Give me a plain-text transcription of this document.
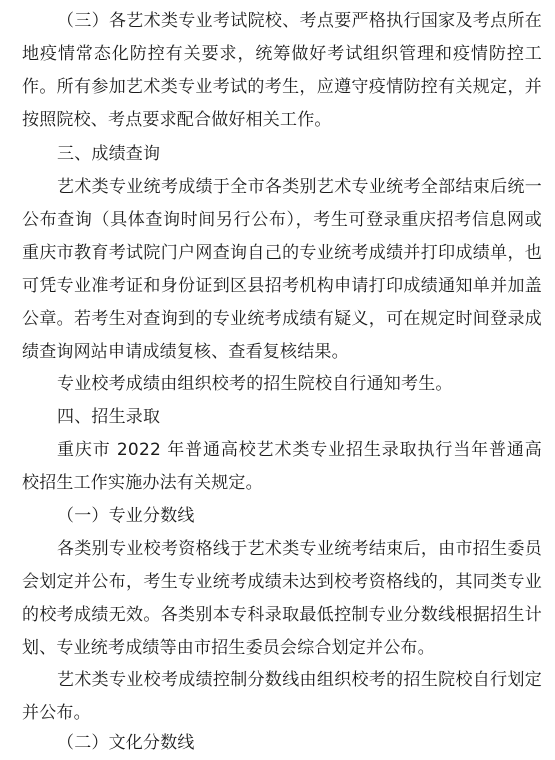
（三）各艺术类专业考试院校、考点要严格执行国家及考点所在地疫情常态化防控有关要求，统筹做好考试组织管理和疫情防控工作。所有参加艺术类专业考试的考生，应遵守疫情防控有关规定，并按照院校、考点要求配合做好相关工作。

三、成绩查询

艺术类专业统考成绩于全市各类别艺术专业统考全部结束后统一公布查询（具体查询时间另行公布），考生可登录重庆招考信息网或重庆市教育考试院门户网查询自己的专业统考成绩并打印成绩单，也可凭专业准考证和身份证到区县招考机构申请打印成绩通知单并加盖公章。若考生对查询到的专业统考成绩有疑义，可在规定时间登录成绩查询网站申请成绩复核、查看复核结果。

专业校考成绩由组织校考的招生院校自行通知考生。

四、招生录取

重庆市 2022 年普通高校艺术类专业招生录取执行当年普通高校招生工作实施办法有关规定。

（一）专业分数线

各类别专业校考资格线于艺术类专业统考结束后，由市招生委员会划定并公布，考生专业统考成绩未达到校考资格线的，其同类专业的校考成绩无效。各类别本专科录取最低控制专业分数线根据招生计划、专业统考成绩等由市招生委员会综合划定并公布。

艺术类专业校考成绩控制分数线由组织校考的招生院校自行划定并公布。

（二）文化分数线
